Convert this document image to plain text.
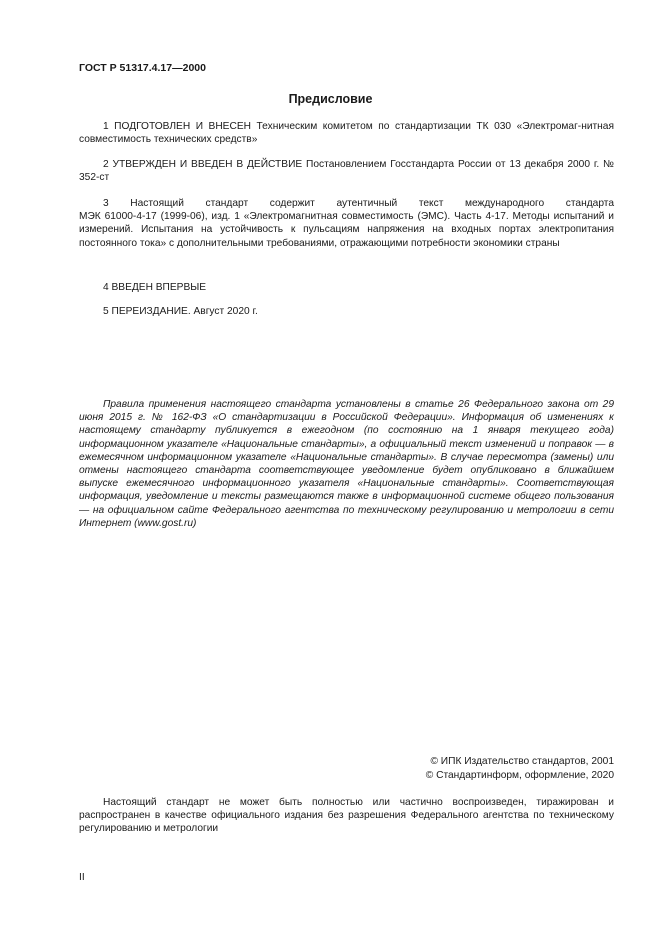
ГОСТ Р 51317.4.17—2000
Предисловие

1 ПОДГОТОВЛЕН И ВНЕСЕН Техническим комитетом по стандартизации ТК 030 «Электромаг-нитная совместимость технических средств»

2 УТВЕРЖДЕН И ВВЕДЕН В ДЕЙСТВИЕ Постановлением Госстандарта России от 13 декабря 2000 г. № 352-ст

3 Настоящий стандарт содержит аутентичный текст международного стандарта

МЭК 61000-4-17 (1999-06), изд. 1 «Электромагнитная совместимость (ЭМС). Часть 4-17. Методы испытаний и измерений. Испытания на устойчивость к пульсациям напряжения на входных портах электропитания постоянного тока» с дополнительными требованиями, отражающими потребности экономики страны

4 ВВЕДЕН ВПЕРВЫЕ

5 ПЕРЕИЗДАНИЕ. Август 2020 г.

Правила применения настоящего стандарта установлены в статье 26 Федерального закона от 29 июня 2015 г. № 162-ФЗ «О стандартизации в Российской Федерации». Информация об изменениях к настоящему стандарту публикуется в ежегодном (по состоянию на 1 января текущего года) информационном указателе «Национальные стандарты», а официальный текст изменений и поправок — в ежемесячном информационном указателе «Национальные стандарты». В случае пересмотра (замены) или отмены настоящего стандарта соответствующее уведомление будет опубликовано в ближайшем выпуске ежемесячного информационного указателя «Национальные стандарты». Соответствующая информация, уведомление и тексты размещаются также в информационной системе общего пользования — на официальном сайте Федерального агентства по техническому регулированию и метрологии в сети Интернет (www.gost.ru)

© ИПК Издательство стандартов, 2001
© Стандартинформ, оформление, 2020

Настоящий стандарт не может быть полностью или частично воспроизведен, тиражирован и распространен в качестве официального издания без разрешения Федерального агентства по техническому регулированию и метрологии

II
